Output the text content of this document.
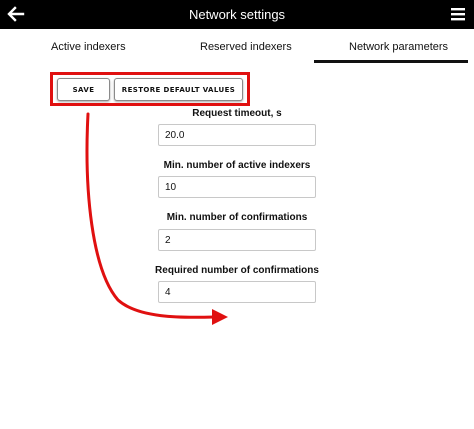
Network settings
Active indexers	Reserved indexers	Network parameters
SAVE	RESTORE DEFAULT VALUES
Request timeout, s
20.0
Min. number of active indexers
10
Min. number of confirmations
2
Required number of confirmations
4
